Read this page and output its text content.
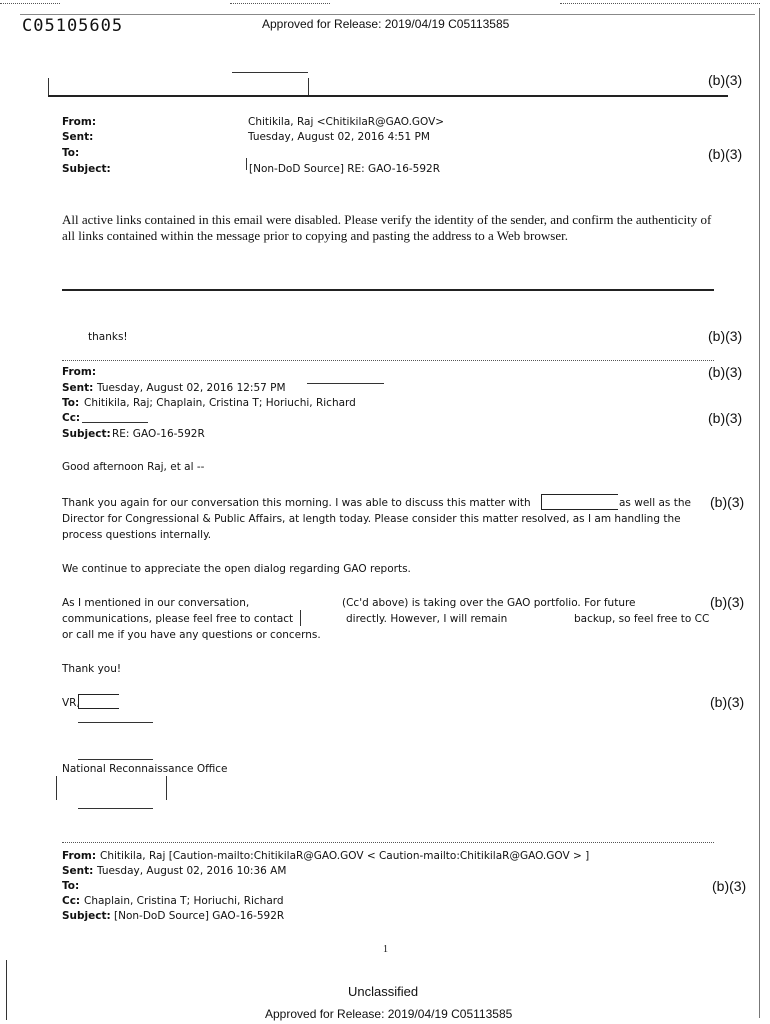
C05105605	Approved for Release: 2019/04/19 C05113585
(b)(3)
From:	Chitikila, Raj <ChitikilaR@GAO.GOV>
Sent:	Tuesday, August 02, 2016 4:51 PM
To:	(b)(3)
Subject:	[Non-DoD Source] RE: GAO-16-592R
All active links contained in this email were disabled. Please verify the identity of the sender, and confirm the authenticity of all links contained within the message prior to copying and pasting the address to a Web browser.
thanks!	(b)(3)
From:	(b)(3)
Sent: Tuesday, August 02, 2016 12:57 PM
To: Chitikila, Raj; Chaplain, Cristina T; Horiuchi, Richard
Cc:	(b)(3)
Subject: RE: GAO-16-592R
Good afternoon Raj, et al --
Thank you again for our conversation this morning. I was able to discuss this matter with	as well as the (b)(3)
Director for Congressional & Public Affairs, at length today. Please consider this matter resolved, as I am handling the
process questions internally.
We continue to appreciate the open dialog regarding GAO reports.
As I mentioned in our conversation,	(Cc'd above) is taking over the GAO portfolio. For future	(b)(3)
communications, please feel free to contact	directly. However, I will remain	backup, so feel free to CC
or call me if you have any questions or concerns.
Thank you!
VR,	(b)(3)
National Reconnaissance Office
From: Chitikila, Raj [Caution-mailto:ChitikilaR@GAO.GOV < Caution-mailto:ChitikilaR@GAO.GOV > ]
Sent: Tuesday, August 02, 2016 10:36 AM
To:	(b)(3)
Cc: Chaplain, Cristina T; Horiuchi, Richard
Subject: [Non-DoD Source] GAO-16-592R
1
Unclassified
Approved for Release: 2019/04/19 C05113585
